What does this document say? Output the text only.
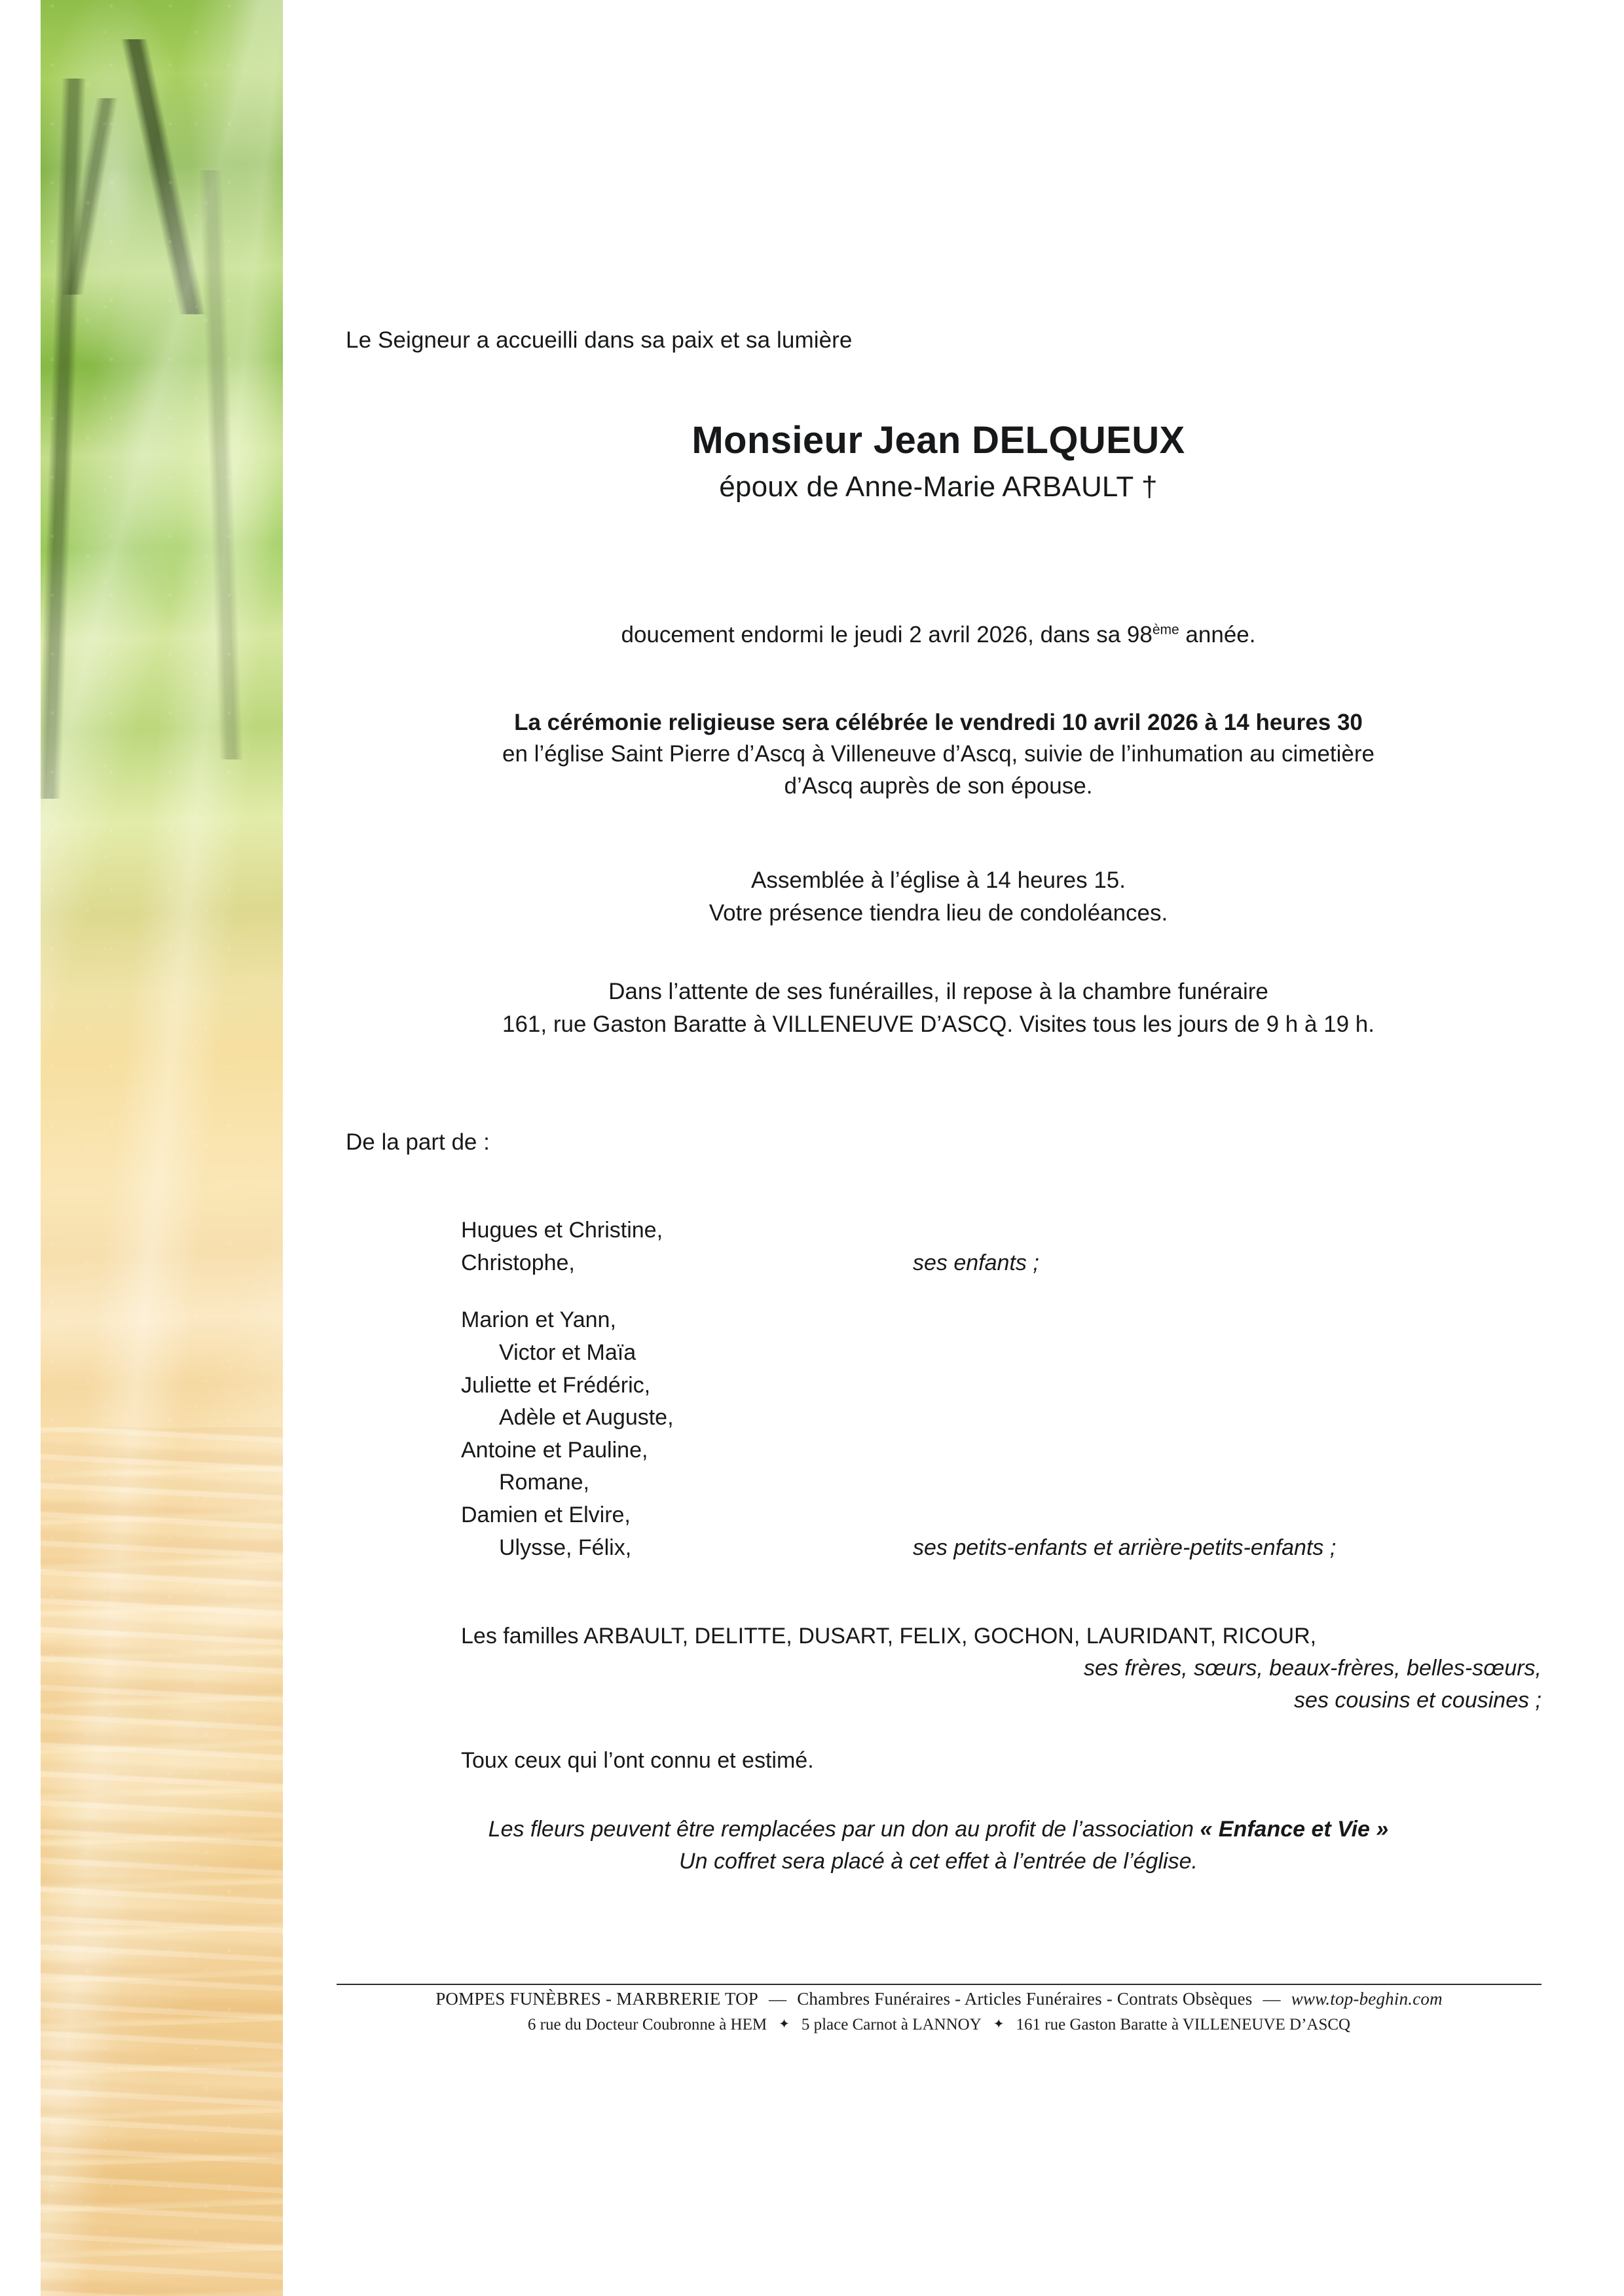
Le Seigneur a accueilli dans sa paix et sa lumière
Monsieur Jean DELQUEUX
époux de Anne-Marie ARBAULT †
doucement endormi le jeudi 2 avril 2026, dans sa 98ème année.
La cérémonie religieuse sera célébrée le vendredi 10 avril 2026 à 14 heures 30
en l’église Saint Pierre d’Ascq à Villeneuve d’Ascq, suivie de l’inhumation au cimetière
d’Ascq auprès de son épouse.
Assemblée à l’église à 14 heures 15.
Votre présence tiendra lieu de condoléances.
Dans l’attente de ses funérailles, il repose à la chambre funéraire
161, rue Gaston Baratte à VILLENEUVE D’ASCQ. Visites tous les jours de 9 h à 19 h.
De la part de :
Hugues et Christine,
Christophe,	ses enfants ;
Marion et Yann,
Victor et Maïa
Juliette et Frédéric,
Adèle et Auguste,
Antoine et Pauline,
Romane,
Damien et Elvire,
Ulysse, Félix,	ses petits-enfants et arrière-petits-enfants ;
Les familles ARBAULT, DELITTE, DUSART, FELIX, GOCHON, LAURIDANT, RICOUR,
ses frères, sœurs, beaux-frères, belles-sœurs,
ses cousins et cousines ;
Toux ceux qui l’ont connu et estimé.
Les fleurs peuvent être remplacées par un don au profit de l’association « Enfance et Vie »
Un coffret sera placé à cet effet à l’entrée de l’église.
POMPES FUNÈBRES - MARBRERIE TOP — Chambres Funéraires - Articles Funéraires - Contrats Obsèques — www.top-beghin.com
6 rue du Docteur Coubronne à HEM ✦ 5 place Carnot à LANNOY ✦ 161 rue Gaston Baratte à VILLENEUVE D’ASCQ
